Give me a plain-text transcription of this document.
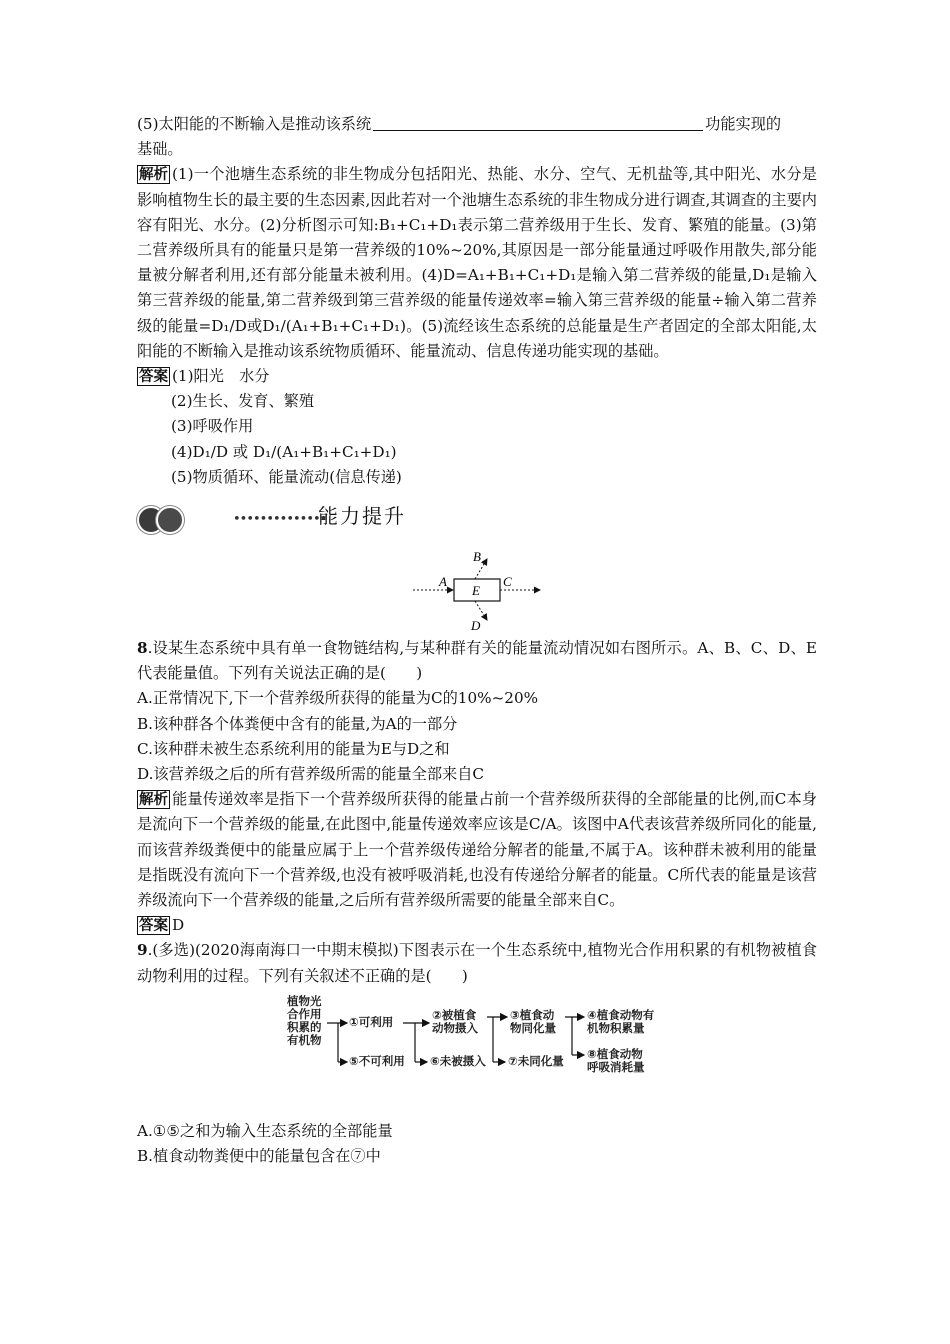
(5)太阳能的不断输入是推动该系统	功能实现的
基础。

解析 (1)一个池塘生态系统的非生物成分包括阳光、热能、水分、空气、无机盐等,其中阳光、水分是影响植物生长的最主要的生态因素,因此若对一个池塘生态系统的非生物成分进行调查,其调查的主要内容有阳光、水分。(2)分析图示可知:B₁+C₁+D₁表示第二营养级用于生长、发育、繁殖的能量。(3)第二营养级所具有的能量只是第一营养级的10%~20%,其原因是一部分能量通过呼吸作用散失,部分能量被分解者利用,还有部分能量未被利用。(4)D=A₁+B₁+C₁+D₁是输入第二营养级的能量,D₁是输入第三营养级的能量,第二营养级到第三营养级的能量传递效率=输入第三营养级的能量÷输入第二营养级的能量=D₁/D或D₁/(A₁+B₁+C₁+D₁)。(5)流经该生态系统的总能量是生产者固定的全部太阳能,太阳能的不断输入是推动该系统物质循环、能量流动、信息传递功能实现的基础。

答案 (1)阳光　水分
(2)生长、发育、繁殖
(3)呼吸作用
(4)D₁/D 或 D₁/(A₁+B₁+C₁+D₁)
(5)物质循环、能量流动(信息传递)
••••••••••••••
能力提升
A
B
C
D
E

8.设某生态系统中具有单一食物链结构,与某种群有关的能量流动情况如右图所示。A、B、C、D、E代表能量值。下列有关说法正确的是(　　)

A.正常情况下,下一个营养级所获得的能量为C的10%~20%
B.该种群各个体粪便中含有的能量,为A的一部分
C.该种群未被生态系统利用的能量为E与D之和
D.该营养级之后的所有营养级所需的能量全部来自C

解析 能量传递效率是指下一个营养级所获得的能量占前一个营养级所获得的全部能量的比例,而C本身是流向下一个营养级的能量,在此图中,能量传递效率应该是C/A。该图中A代表该营养级所同化的能量,而该营养级粪便中的能量应属于上一个营养级传递给分解者的能量,不属于A。该种群未被利用的能量是指既没有流向下一个营养级,也没有被呼吸消耗,也没有传递给分解者的能量。C所代表的能量是该营养级流向下一个营养级的能量,之后所有营养级所需要的能量全部来自C。

答案 D

9.(多选)(2020海南海口一中期末模拟)下图表示在一个生态系统中,植物光合作用积累的有机物被植食动物利用的过程。下列有关叙述不正确的是(　　)

植物光
合作用
积累的
有机物
①可利用	②被植食
动物摄入
③植食动
物同化量
④植食动物有
机物积累量
⑤不可利用 ⑥未被摄入 ⑦未同化量 ⑧植食动物
呼吸消耗量
A.①⑤之和为输入生态系统的全部能量
B.植食动物粪便中的能量包含在⑦中
